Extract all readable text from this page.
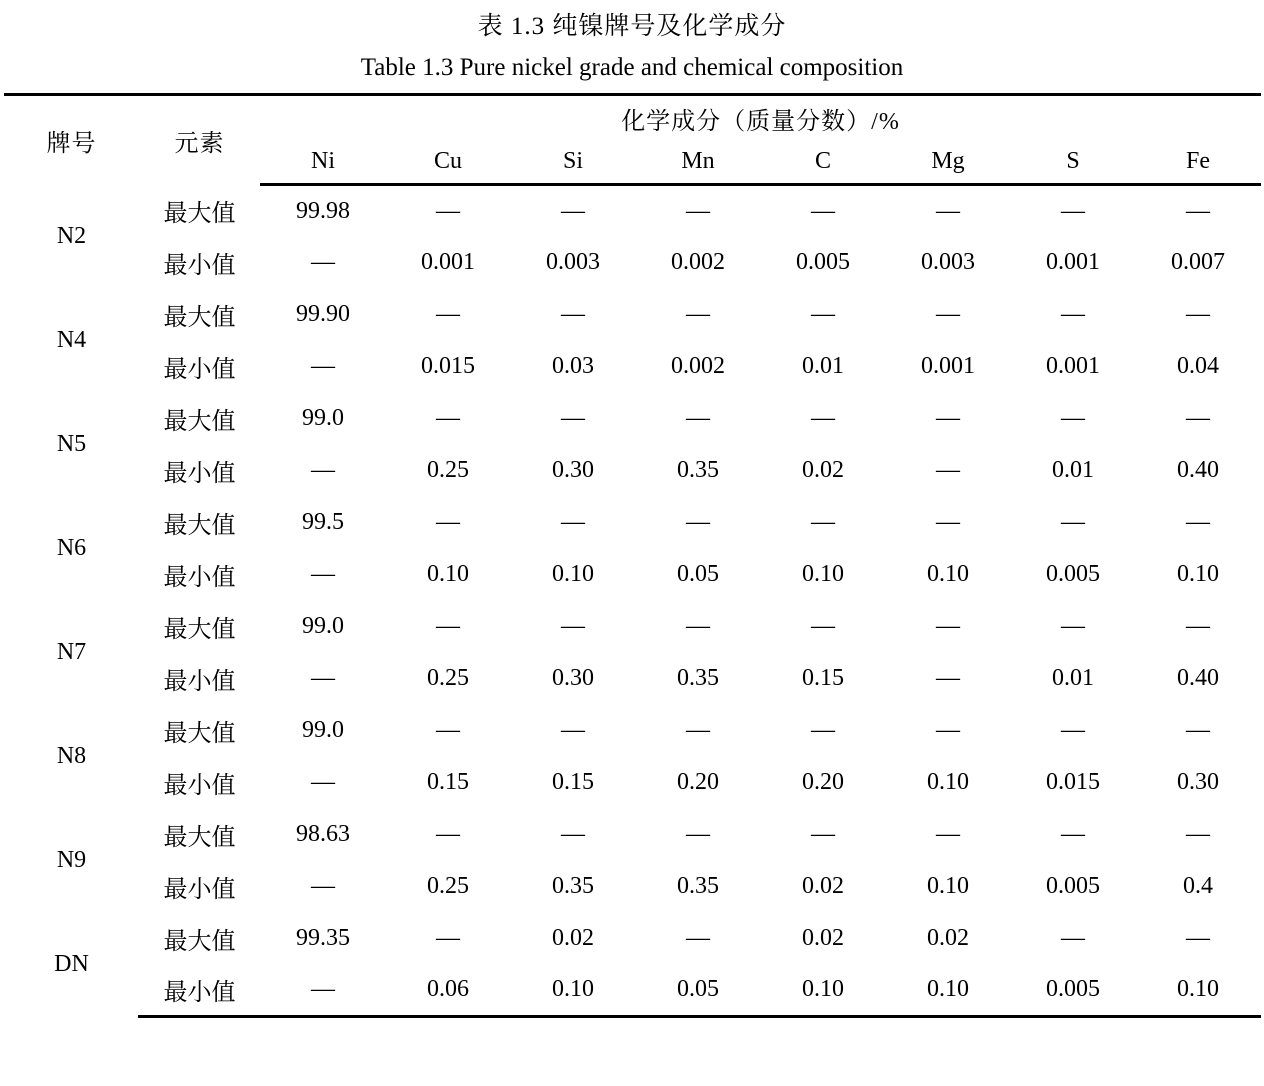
表 1.3 纯镍牌号及化学成分
Table 1.3 Pure nickel grade and chemical composition
牌号	元素	化学成分（质量分数）/%							
		Ni	Cu	Si	Mn	C	Mg	S	Fe
N2	最大值	99.98	—	—	—	—	—	—	—
	最小值	—	0.001	0.003	0.002	0.005	0.003	0.001	0.007
N4	最大值	99.90	—	—	—	—	—	—	—
	最小值	—	0.015	0.03	0.002	0.01	0.001	0.001	0.04
N5	最大值	99.0	—	—	—	—	—	—	—
	最小值	—	0.25	0.30	0.35	0.02	—	0.01	0.40
N6	最大值	99.5	—	—	—	—	—	—	—
	最小值	—	0.10	0.10	0.05	0.10	0.10	0.005	0.10
N7	最大值	99.0	—	—	—	—	—	—	—
	最小值	—	0.25	0.30	0.35	0.15	—	0.01	0.40
N8	最大值	99.0	—	—	—	—	—	—	—
	最小值	—	0.15	0.15	0.20	0.20	0.10	0.015	0.30
N9	最大值	98.63	—	—	—	—	—	—	—
	最小值	—	0.25	0.35	0.35	0.02	0.10	0.005	0.4
DN	最大值	99.35	—	0.02	—	0.02	0.02	—	—
	最小值	—	0.06	0.10	0.05	0.10	0.10	0.005	0.10
